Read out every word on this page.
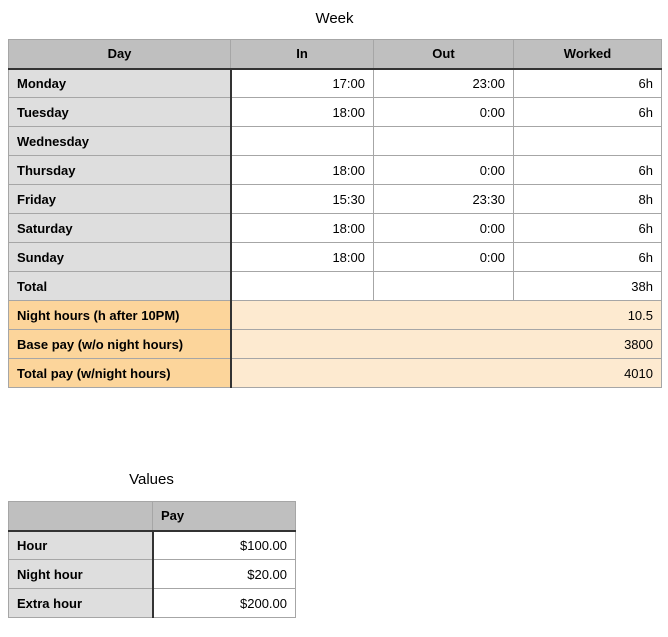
Week
Day	In	Out	Worked
Monday	17:00	23:00	6h
Tuesday	18:00	0:00	6h
Wednesday			
Thursday	18:00	0:00	6h
Friday	15:30	23:30	8h
Saturday	18:00	0:00	6h
Sunday	18:00	0:00	6h
Total			38h
Night hours (h after 10PM)	10.5		
Base pay (w/o night hours)	3800		
Total pay (w/night hours)	4010		
Values
	Pay
Hour	$100.00
Night hour	$20.00
Extra hour	$200.00
